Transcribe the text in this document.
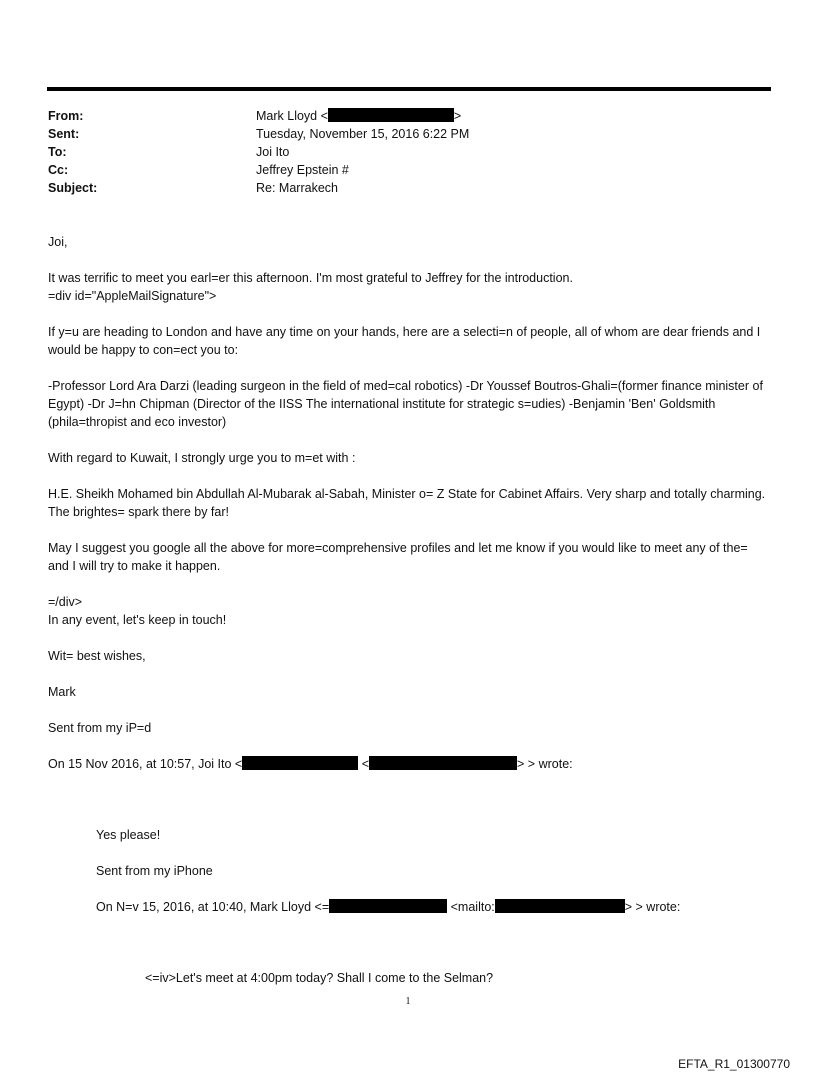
From:	Mark Lloyd <	>
Sent:	Tuesday, November 15, 2016 6:22 PM
To:	Joi Ito
Cc:	Jeffrey Epstein #
Subject:	Re: Marrakech
Joi,
It was terrific to meet you earl=er this afternoon. I'm most grateful to Jeffrey for the introduction.
=div id="AppleMailSignature">
If y=u are heading to London and have any time on your hands, here are a selecti=n of people, all of whom are dear friends and I would be happy to con=ect you to:
-Professor Lord Ara Darzi (leading surgeon in the field of med=cal robotics) -Dr Youssef Boutros-Ghali=(former finance minister of Egypt) -Dr J=hn Chipman (Director of the IISS The international institute for strategic s=udies) -Benjamin 'Ben' Goldsmith (phila=thropist and eco investor)
With regard to Kuwait, I strongly urge you to m=et with :
H.E. Sheikh Mohamed bin Abdullah Al-Mubarak al-Sabah, Minister o= Z State for Cabinet Affairs. Very sharp and totally charming. The brightes= spark there by far!
May I suggest you google all the above for more=comprehensive profiles and let me know if you would like to meet any of the= and I will try to make it happen.
=/div>
In any event, let's keep in touch!
Wit= best wishes,
Mark
Sent from my iP=d
On 15 Nov 2016, at 10:57, Joi Ito <	<	> > wrote:
Yes please!
Sent from my iPhone
On N=v 15, 2016, at 10:40, Mark Lloyd <=	<mailto:	> > wrote:
<=iv>Let's meet at 4:00pm today? Shall I come to the Selman?
1
EFTA_R1_01300770
